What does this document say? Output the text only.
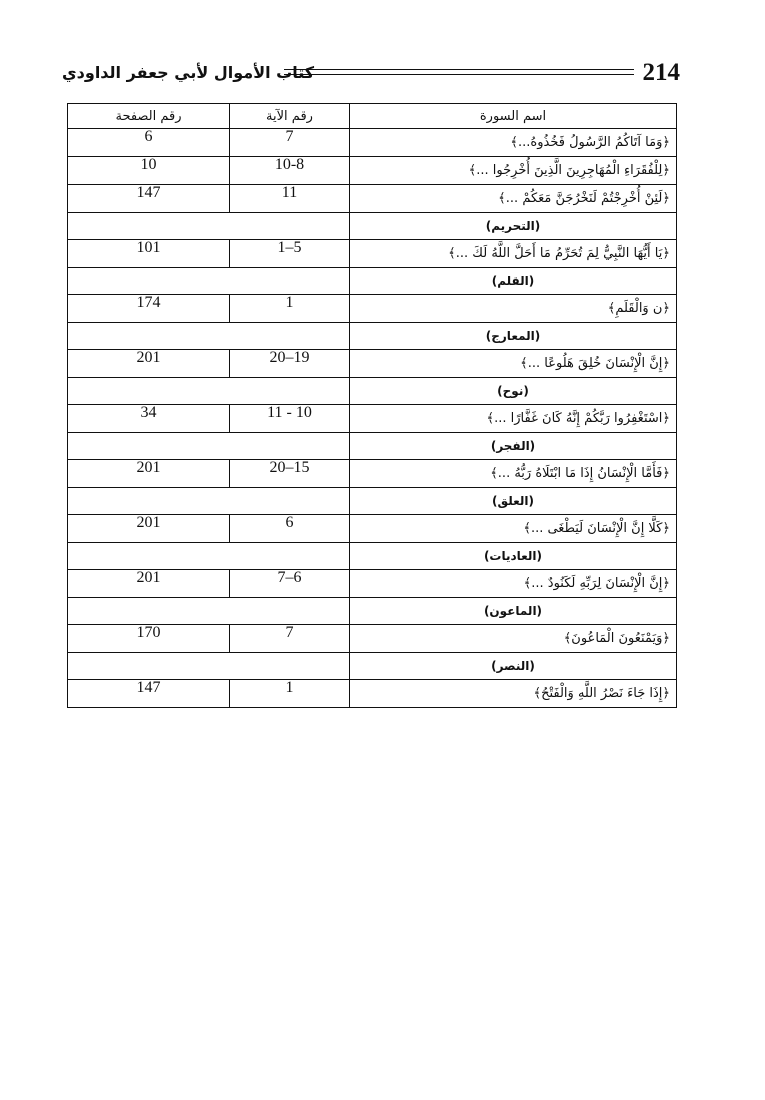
214
كتاب الأموال لأبي جعفر الداودي
اسم السورة	رقم الآية	رقم الصفحة
﴿وَمَا آتَاكُمُ الرَّسُولُ فَخُذُوهُ...﴾	7	6
﴿لِلْفُقَرَاءِ الْمُهَاجِرِينَ الَّذِينَ أُخْرِجُوا ...﴾	10-8	10
﴿لَئِنْ أُخْرِجْتُمْ لَنَخْرُجَنَّ مَعَكُمْ ...﴾	11	147
(التحريم)		
﴿يَا أَيُّهَا النَّبِيُّ لِمَ تُحَرِّمُ مَا أَحَلَّ اللَّهُ لَكَ ...﴾	1–5	101
(القلم)		
﴿ن وَالْقَلَمِ﴾	1	174
(المعارج)		
﴿إِنَّ الْإِنْسَانَ خُلِقَ هَلُوعًا ...﴾	20–19	201
(نوح)		
﴿اسْتَغْفِرُوا رَبَّكُمْ إِنَّهُ كَانَ غَفَّارًا ...﴾	11 - 10	34
(الفجر)		
﴿فَأَمَّا الْإِنْسَانُ إِذَا مَا ابْتَلَاهُ رَبُّهُ ...﴾	20–15	201
(العلق)		
﴿كَلَّا إِنَّ الْإِنْسَانَ لَيَطْغَى ...﴾	6	201
(العاديات)		
﴿إِنَّ الْإِنْسَانَ لِرَبِّهِ لَكَنُودٌ ...﴾	7–6	201
(الماعون)		
﴿وَيَمْنَعُونَ الْمَاعُونَ﴾	7	170
(النصر)		
﴿إِذَا جَاءَ نَصْرُ اللَّهِ وَالْفَتْحُ﴾	1	147
